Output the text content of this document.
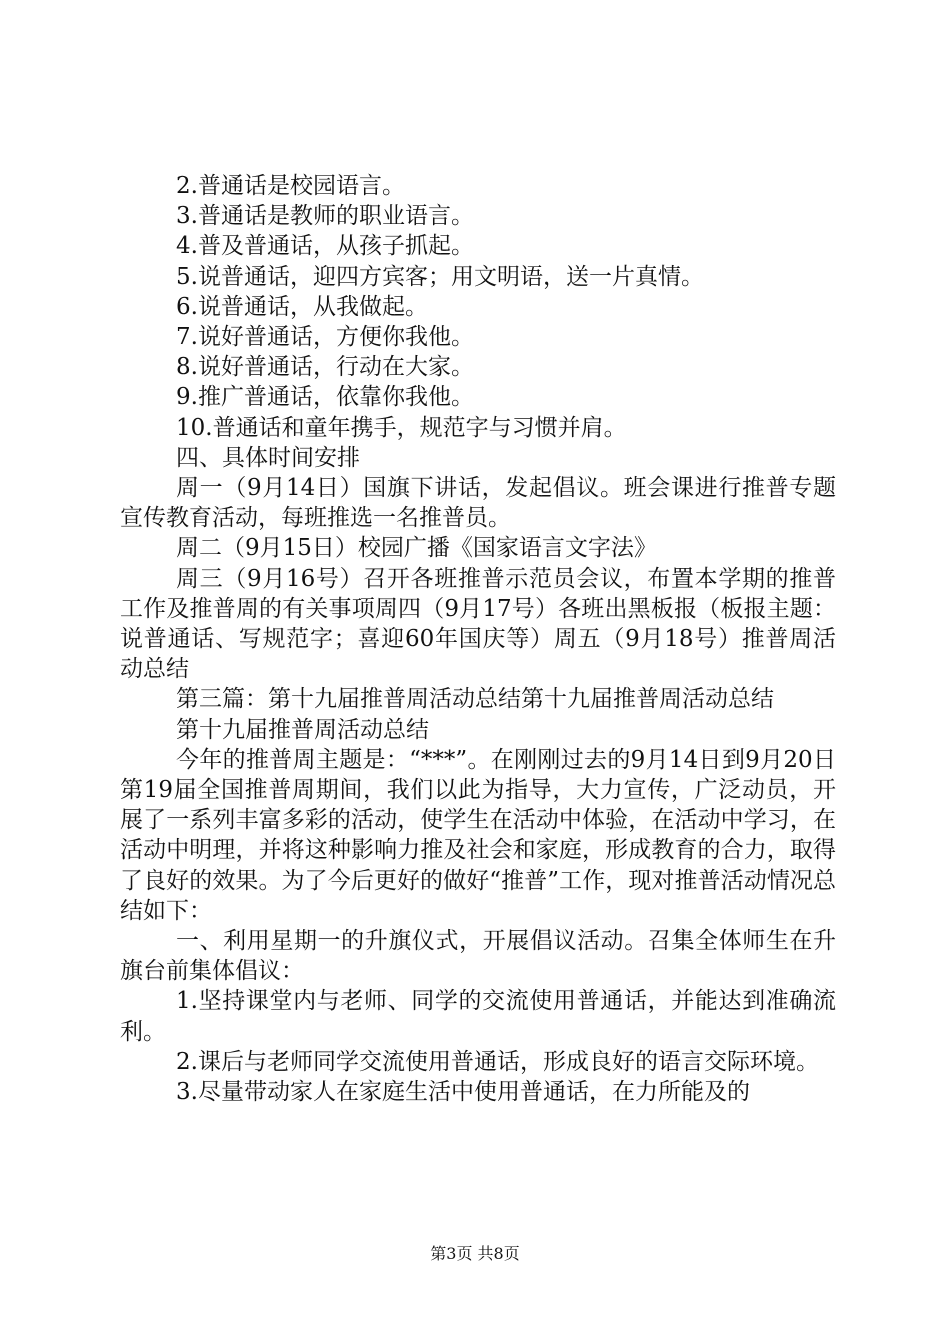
2.普通话是校园语言。

3.普通话是教师的职业语言。

4.普及普通话，从孩子抓起。

5.说普通话，迎四方宾客；用文明语，送一片真情。

6.说普通话，从我做起。

7.说好普通话，方便你我他。

8.说好普通话，行动在大家。

9.推广普通话，依靠你我他。

10.普通话和童年携手，规范字与习惯并肩。

四、具体时间安排

周一（9月14日）国旗下讲话，发起倡议。班会课进行推普专题宣传教育活动，每班推选一名推普员。

周二（9月15日）校园广播《国家语言文字法》

周三（9月16号）召开各班推普示范员会议，布置本学期的推普工作及推普周的有关事项周四（9月17号）各班出黑板报（板报主题：说普通话、写规范字；喜迎60年国庆等）周五（9月18号）推普周活动总结

第三篇：第十九届推普周活动总结第十九届推普周活动总结

第十九届推普周活动总结

今年的推普周主题是：“***”。在刚刚过去的9月14日到9月20日第19届全国推普周期间，我们以此为指导，大力宣传，广泛动员，开展了一系列丰富多彩的活动，使学生在活动中体验，在活动中学习，在活动中明理，并将这种影响力推及社会和家庭，形成教育的合力，取得了良好的效果。为了今后更好的做好“推普”工作，现对推普活动情况总结如下：

一、利用星期一的升旗仪式，开展倡议活动。召集全体师生在升旗台前集体倡议：

1.坚持课堂内与老师、同学的交流使用普通话，并能达到准确流利。

2.课后与老师同学交流使用普通话，形成良好的语言交际环境。

3.尽量带动家人在家庭生活中使用普通话，在力所能及的

第3页 共8页
